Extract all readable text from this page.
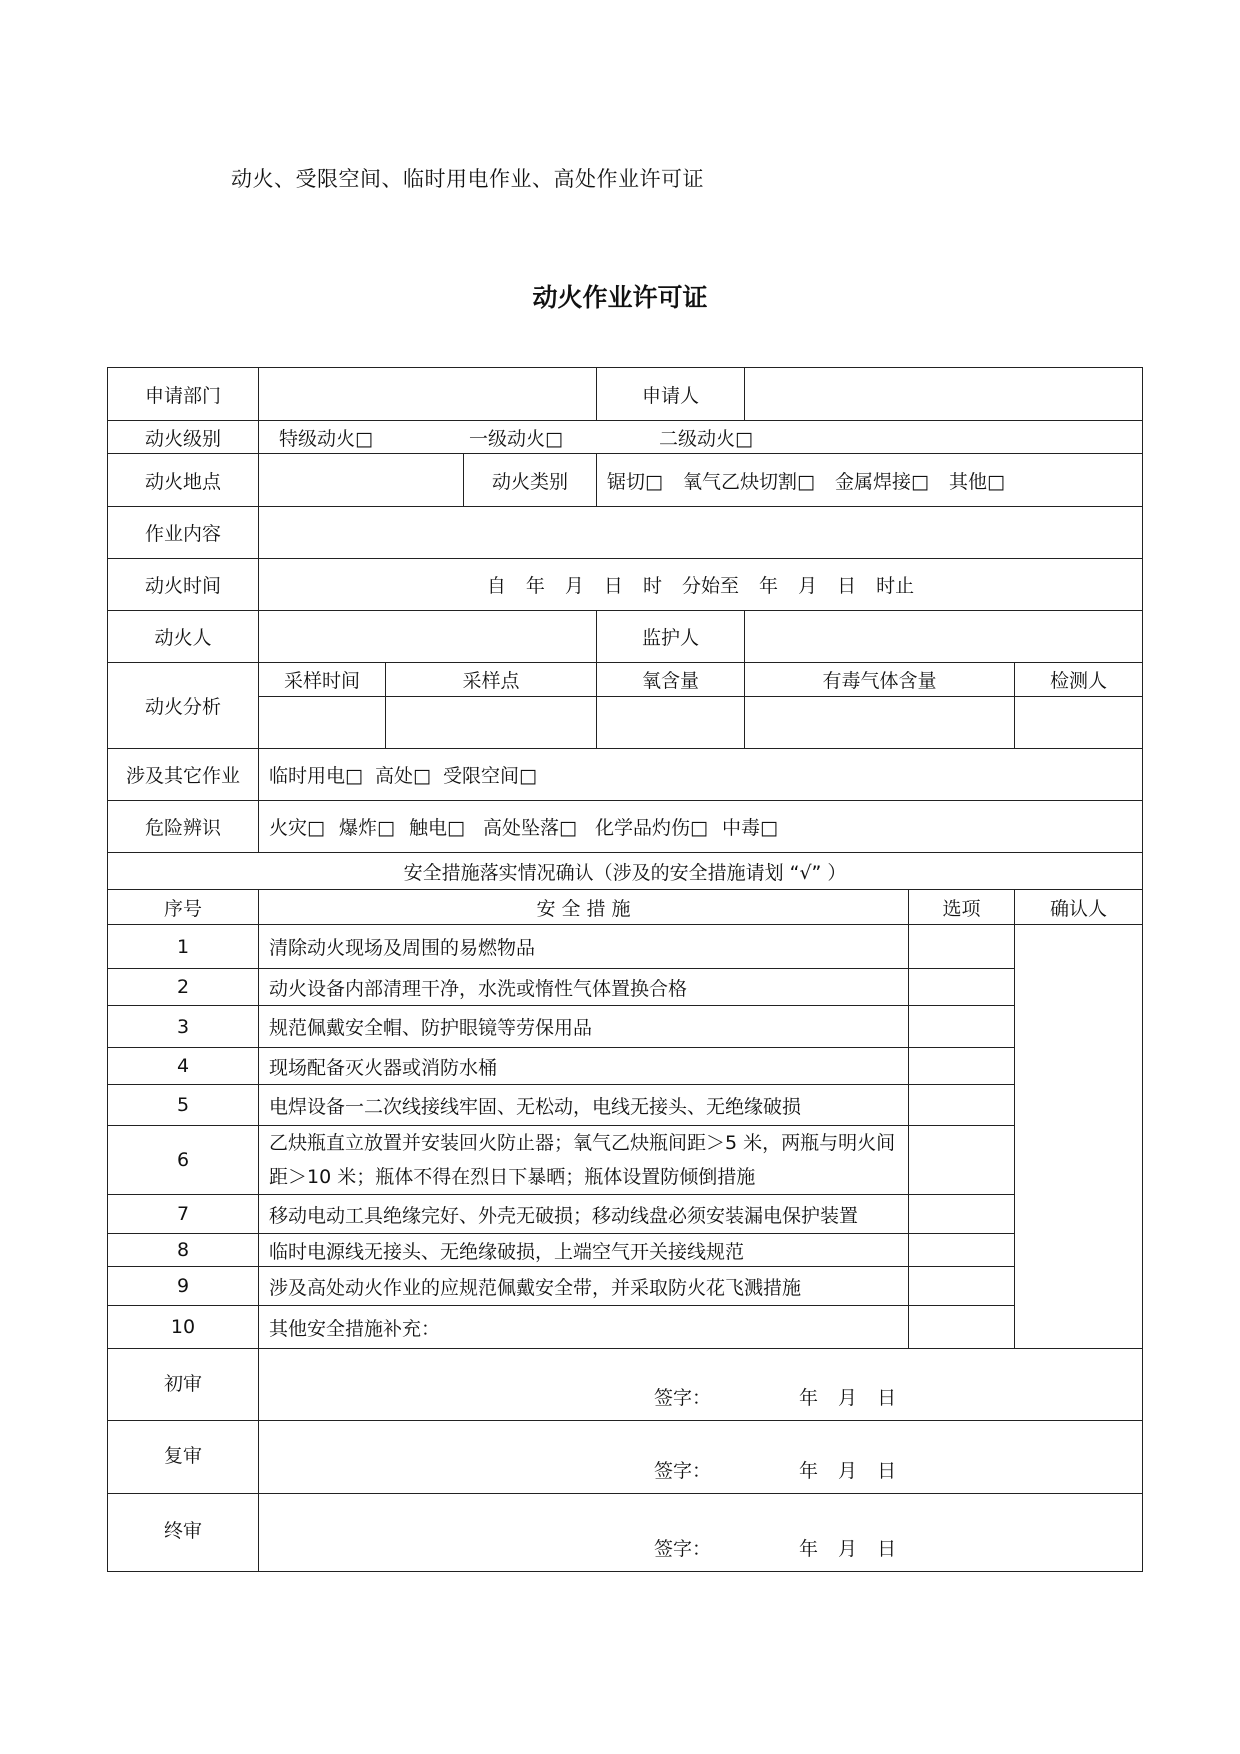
动火、受限空间、临时用电作业、高处作业许可证
动火作业许可证
申请部门				申请人			
动火级别	特级动火□ 一级动火□ 二级动火□						
动火地点			动火类别	锯切□ 氧气乙炔切割□ 金属焊接□ 其他□			
作业内容							
动火时间	自 年 月 日 时 分始至 年 月 日 时止						
动火人				监护人			
动火分析	采样时间	采样点		氧含量	有毒气体含量		检测人

涉及其它作业	临时用电□ 高处□ 受限空间□						
危险辨识	火灾□ 爆炸□ 触电□ 高处坠落□ 化学品灼伤□ 中毒□						
安全措施落实情况确认（涉及的安全措施请划 “√” ）							
序号	安 全 措 施					选项	确认人
1	清除动火现场及周围的易燃物品						
2	动火设备内部清理干净，水洗或惰性气体置换合格						
3	规范佩戴安全帽、防护眼镜等劳保用品						
4	现场配备灭火器或消防水桶						
5	电焊设备一二次线接线牢固、无松动，电线无接头、无绝缘破损						
6	乙炔瓶直立放置并安装回火防止器；氧气乙炔瓶间距＞5 米，两瓶与明火间距＞10 米；瓶体不得在烈日下暴晒；瓶体设置防倾倒措施						
7	移动电动工具绝缘完好、外壳无破损；移动线盘必须安装漏电保护装置						
8	临时电源线无接头、无绝缘破损，上端空气开关接线规范						
9	涉及高处动火作业的应规范佩戴安全带，并采取防火花飞溅措施						
10	其他安全措施补充：						
初审	签字： 年 月 日						

复审	签字： 年 月 日						

终审	签字： 年 月 日						
